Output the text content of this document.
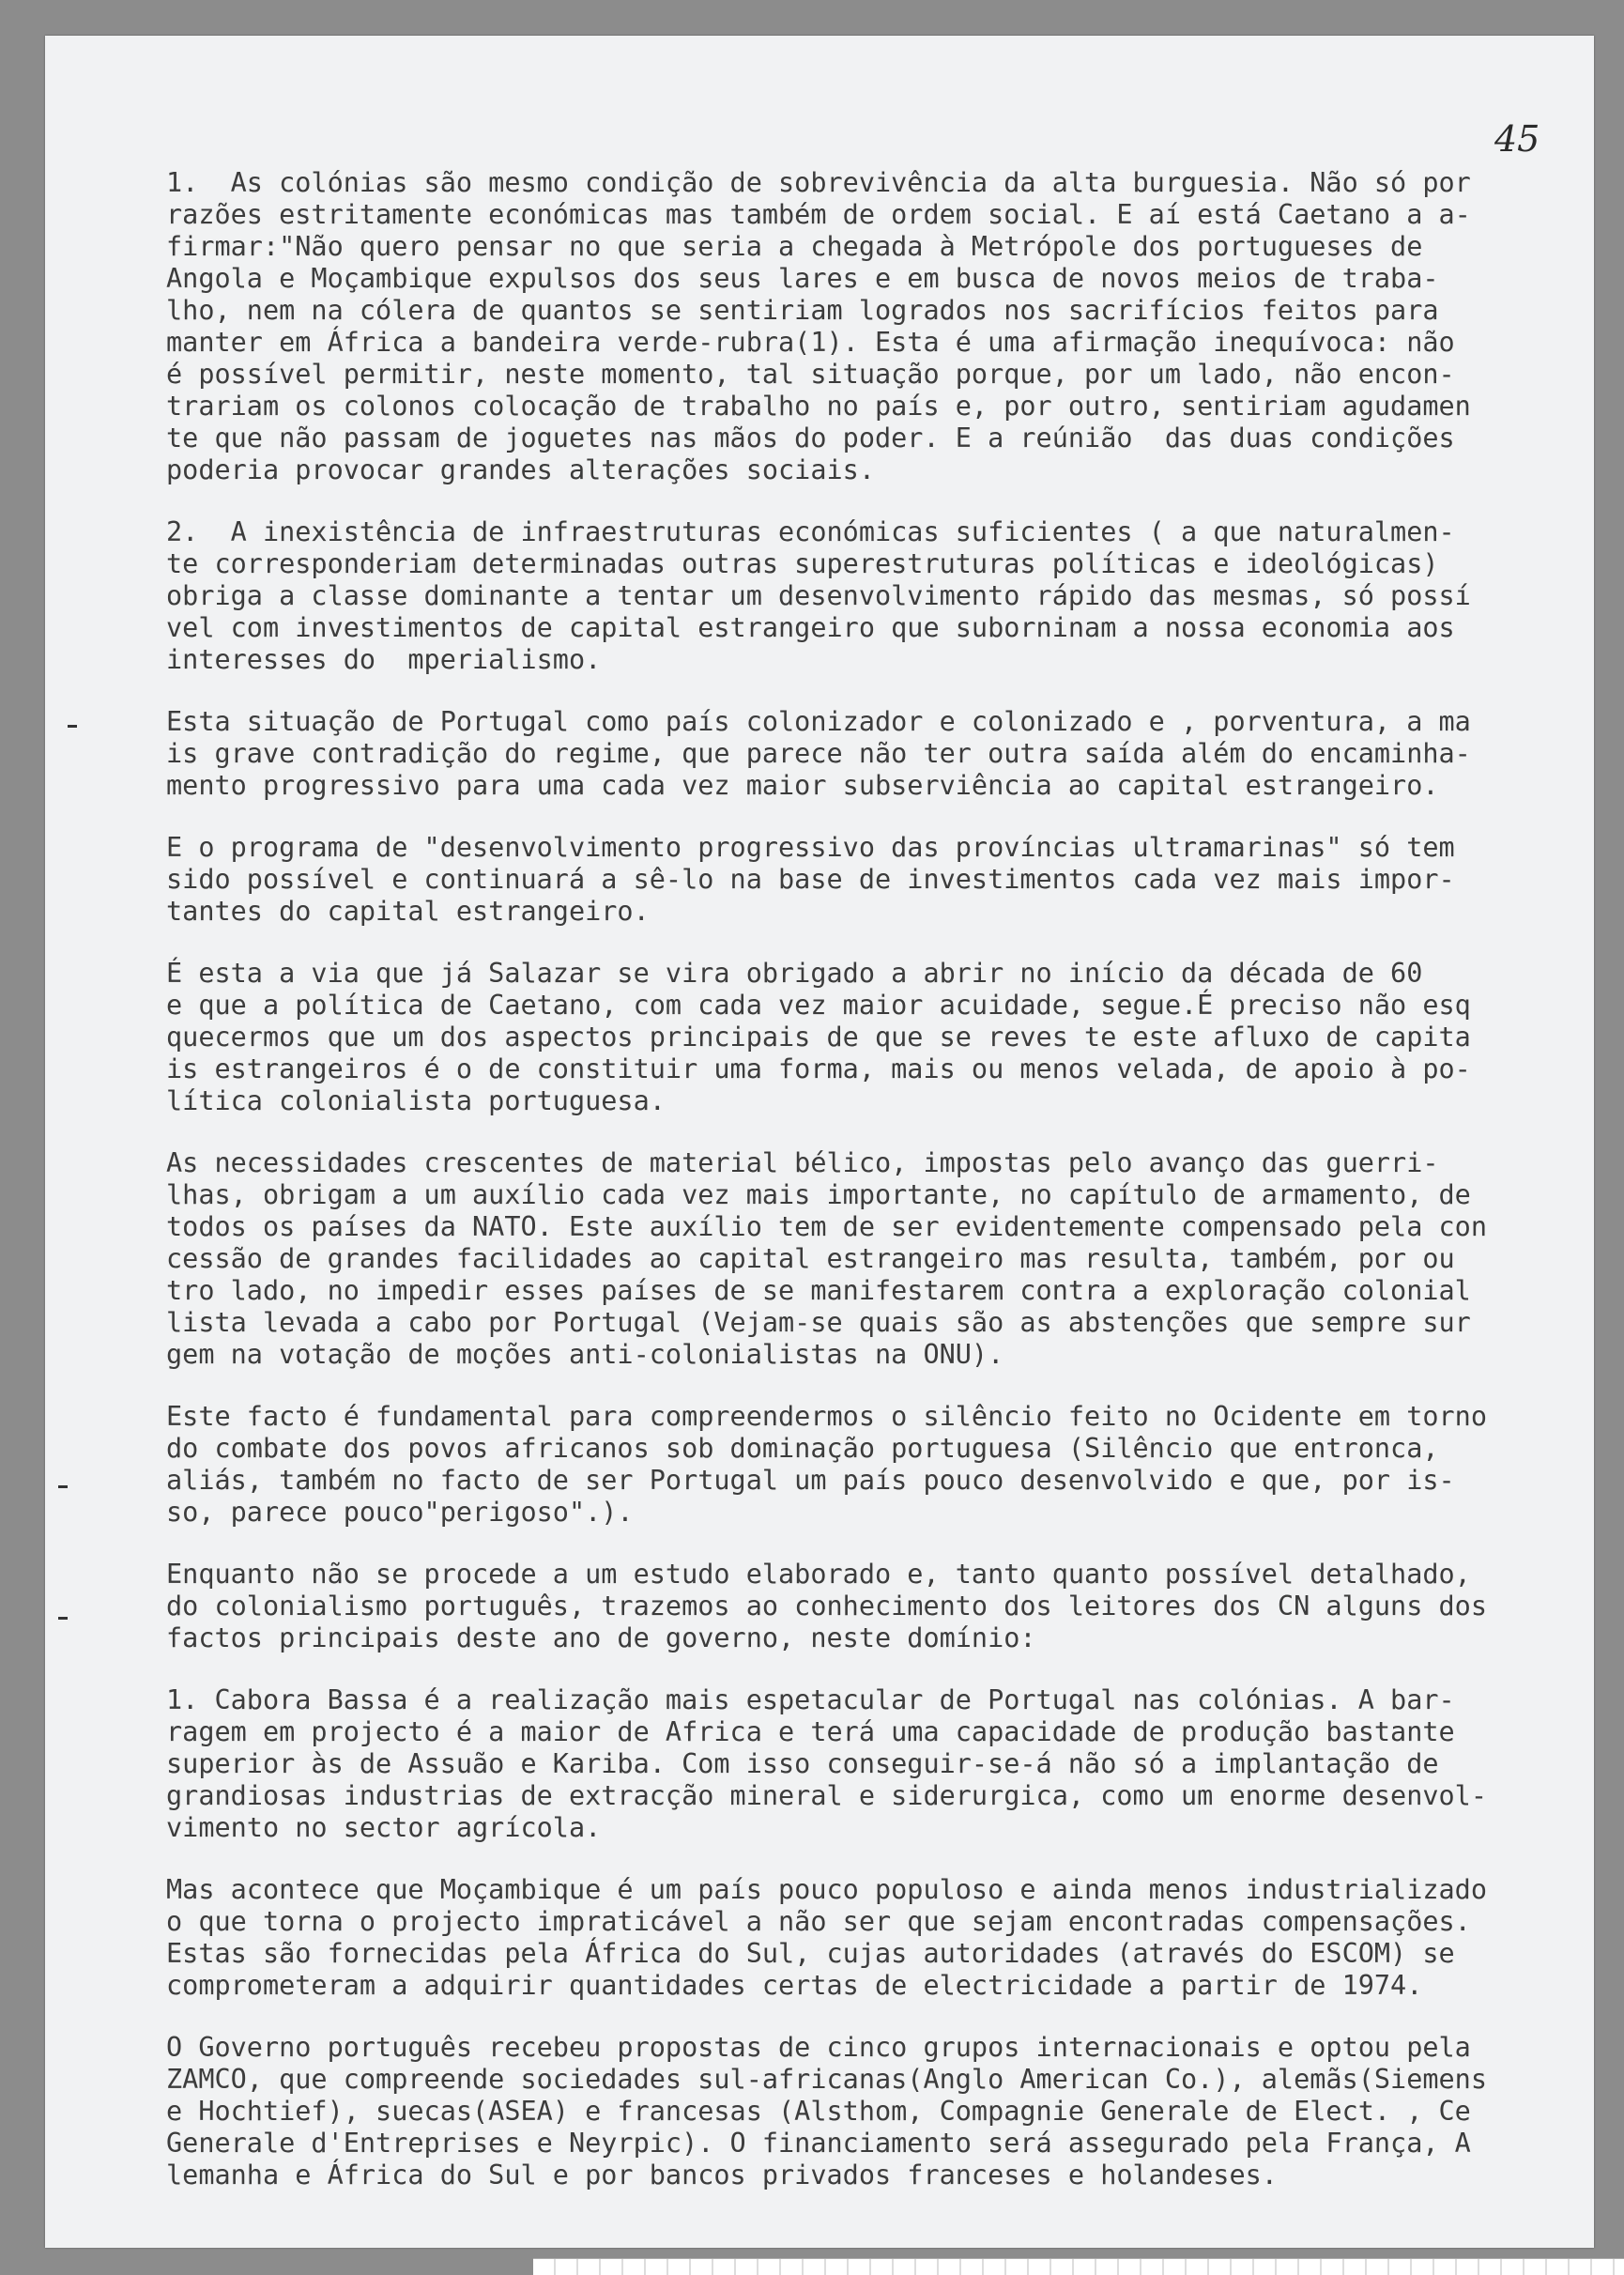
45
1.  As colónias são mesmo condição de sobrevivência da alta burguesia. Não só por
razões estritamente económicas mas também de ordem social. E aí está Caetano a a-
firmar:"Não quero pensar no que seria a chegada à Metrópole dos portugueses de
Angola e Moçambique expulsos dos seus lares e em busca de novos meios de traba-
lho, nem na cólera de quantos se sentiriam logrados nos sacrifícios feitos para
manter em África a bandeira verde-rubra(1). Esta é uma afirmação inequívoca: não
é possível permitir, neste momento, tal situação porque, por um lado, não encon-
trariam os colonos colocação de trabalho no país e, por outro, sentiriam agudamen
te que não passam de joguetes nas mãos do poder. E a reúnião  das duas condições
poderia provocar grandes alterações sociais.
2.  A inexistência de infraestruturas económicas suficientes ( a que naturalmen-
te corresponderiam determinadas outras superestruturas políticas e ideológicas)
obriga a classe dominante a tentar um desenvolvimento rápido das mesmas, só possí
vel com investimentos de capital estrangeiro que suborninam a nossa economia aos
interesses do  mperialismo.
Esta situação de Portugal como país colonizador e colonizado e , porventura, a ma
is grave contradição do regime, que parece não ter outra saída além do encaminha-
mento progressivo para uma cada vez maior subserviência ao capital estrangeiro.
E o programa de "desenvolvimento progressivo das províncias ultramarinas" só tem
sido possível e continuará a sê-lo na base de investimentos cada vez mais impor-
tantes do capital estrangeiro.
É esta a via que já Salazar se vira obrigado a abrir no início da década de 60
e que a política de Caetano, com cada vez maior acuidade, segue.É preciso não esq
quecermos que um dos aspectos principais de que se reves te este afluxo de capita
is estrangeiros é o de constituir uma forma, mais ou menos velada, de apoio à po-
lítica colonialista portuguesa.
As necessidades crescentes de material bélico, impostas pelo avanço das guerri-
lhas, obrigam a um auxílio cada vez mais importante, no capítulo de armamento, de
todos os países da NATO. Este auxílio tem de ser evidentemente compensado pela con
cessão de grandes facilidades ao capital estrangeiro mas resulta, também, por ou
tro lado, no impedir esses países de se manifestarem contra a exploração colonial
lista levada a cabo por Portugal (Vejam-se quais são as abstenções que sempre sur
gem na votação de moções anti-colonialistas na ONU).
Este facto é fundamental para compreendermos o silêncio feito no Ocidente em torno
do combate dos povos africanos sob dominação portuguesa (Silêncio que entronca,
aliás, também no facto de ser Portugal um país pouco desenvolvido e que, por is-
so, parece pouco"perigoso".).
Enquanto não se procede a um estudo elaborado e, tanto quanto possível detalhado,
do colonialismo português, trazemos ao conhecimento dos leitores dos CN alguns dos
factos principais deste ano de governo, neste domínio:
1. Cabora Bassa é a realização mais espetacular de Portugal nas colónias. A bar-
ragem em projecto é a maior de Africa e terá uma capacidade de produção bastante
superior às de Assuão e Kariba. Com isso conseguir-se-á não só a implantação de
grandiosas industrias de extracção mineral e siderurgica, como um enorme desenvol-
vimento no sector agrícola.
Mas acontece que Moçambique é um país pouco populoso e ainda menos industrializado
o que torna o projecto impraticável a não ser que sejam encontradas compensações.
Estas são fornecidas pela África do Sul, cujas autoridades (através do ESCOM) se
comprometeram a adquirir quantidades certas de electricidade a partir de 1974.
O Governo português recebeu propostas de cinco grupos internacionais e optou pela
ZAMCO, que compreende sociedades sul-africanas(Anglo American Co.), alemãs(Siemens
e Hochtief), suecas(ASEA) e francesas (Alsthom, Compagnie Generale de Elect. , Ce
Generale d'Entreprises e Neyrpic). O financiamento será assegurado pela França, A
lemanha e África do Sul e por bancos privados franceses e holandeses.
